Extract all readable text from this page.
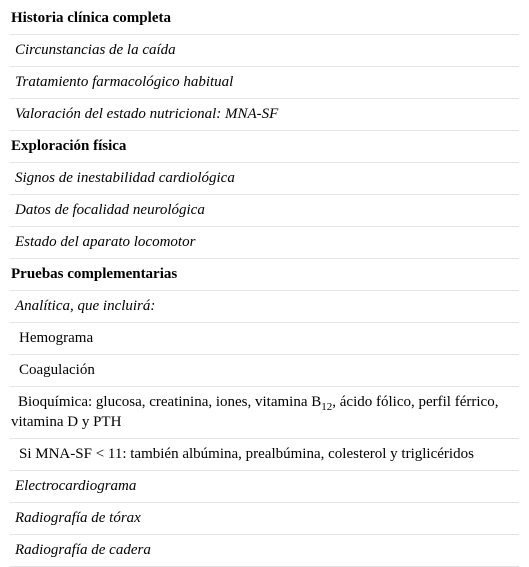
Historia clínica completa
Circunstancias de la caída
Tratamiento farmacológico habitual
Valoración del estado nutricional: MNA-SF
Exploración física
Signos de inestabilidad cardiológica
Datos de focalidad neurológica
Estado del aparato locomotor
Pruebas complementarias
Analítica, que incluirá:
Hemograma
Coagulación
Bioquímica: glucosa, creatinina, iones, vitamina $B_{12}$, ácido fólico, perfil férrico,
vitamina D y PTH
Si MNA-SF < 11: también albúmina, prealbúmina, colesterol y triglicéridos
Electrocardiograma
Radiografía de tórax
Radiografía de cadera
